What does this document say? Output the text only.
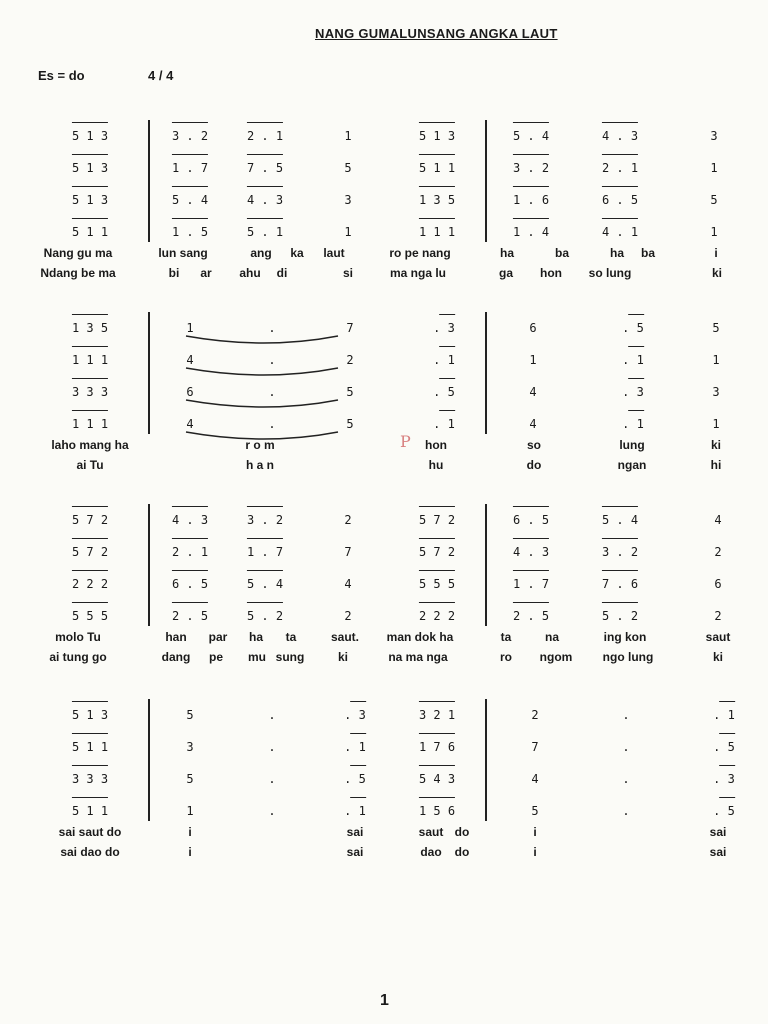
NANG GUMALUNSANG ANGKA LAUT
Es = do	4 / 4
5 1 3	3 . 2	2 . 1	1	5 1 3	5 . 4	4 . 3	3
5 1 3	1 . 7	7 . 5	5	5 1 1	3 . 2	2 . 1	1
5 1 3	5 . 4	4 . 3	3	1 3 5	1 . 6	6 . 5	5
5 1 1	1 . 5	5 . 1	1	1 1 1	1 . 4	4 . 1	1
Nang gu ma	lun sang	ang ka laut	ro pe nang	ha	ba	ha ba	i
Ndang be ma	bi ar ahu di	si	ma nga lu	ga hon so lung	ki
1 3 5	1	.	7	. 3	6	. 5	5
1 1 1	4	.	2	. 1	1	. 1	1
3 3 3	6	.	5	. 5	4	. 3	3
1 1 1	4	.	5	. 1	4	. 1	1
laho mang ha	r o m	hon	so	lung	ki
ai Tu	h a n	hu	do	ngan	hi
P
5 7 2	4 . 3	3 . 2	2	5 7 2	6 . 5	5 . 4	4
5 7 2	2 . 1	1 . 7	7	5 7 2	4 . 3	3 . 2	2
2 2 2	6 . 5	5 . 4	4	5 5 5	1 . 7	7 . 6	6
5 5 5	2 . 5	5 . 2	2	2 2 2	2 . 5	5 . 2	2
molo Tu	han par ha ta	saut. man dok ha	ta	na	ing kon	saut
ai tung go	dang pe mu sung	ki	na ma nga	ro ngom	ngo lung	ki
5 1 3	5	.	. 3	3 2 1	2	.	. 1
5 1 1	3	.	. 1	1 7 6	7	.	. 5
3 3 3	5	.	. 5	5 4 3	4	.	. 3
5 1 1	1	.	. 1	1 5 6	5	.	. 5
sai saut do	i	sai	saut do	i	sai
sai dao do	i	sai	dao do	i	sai
1
